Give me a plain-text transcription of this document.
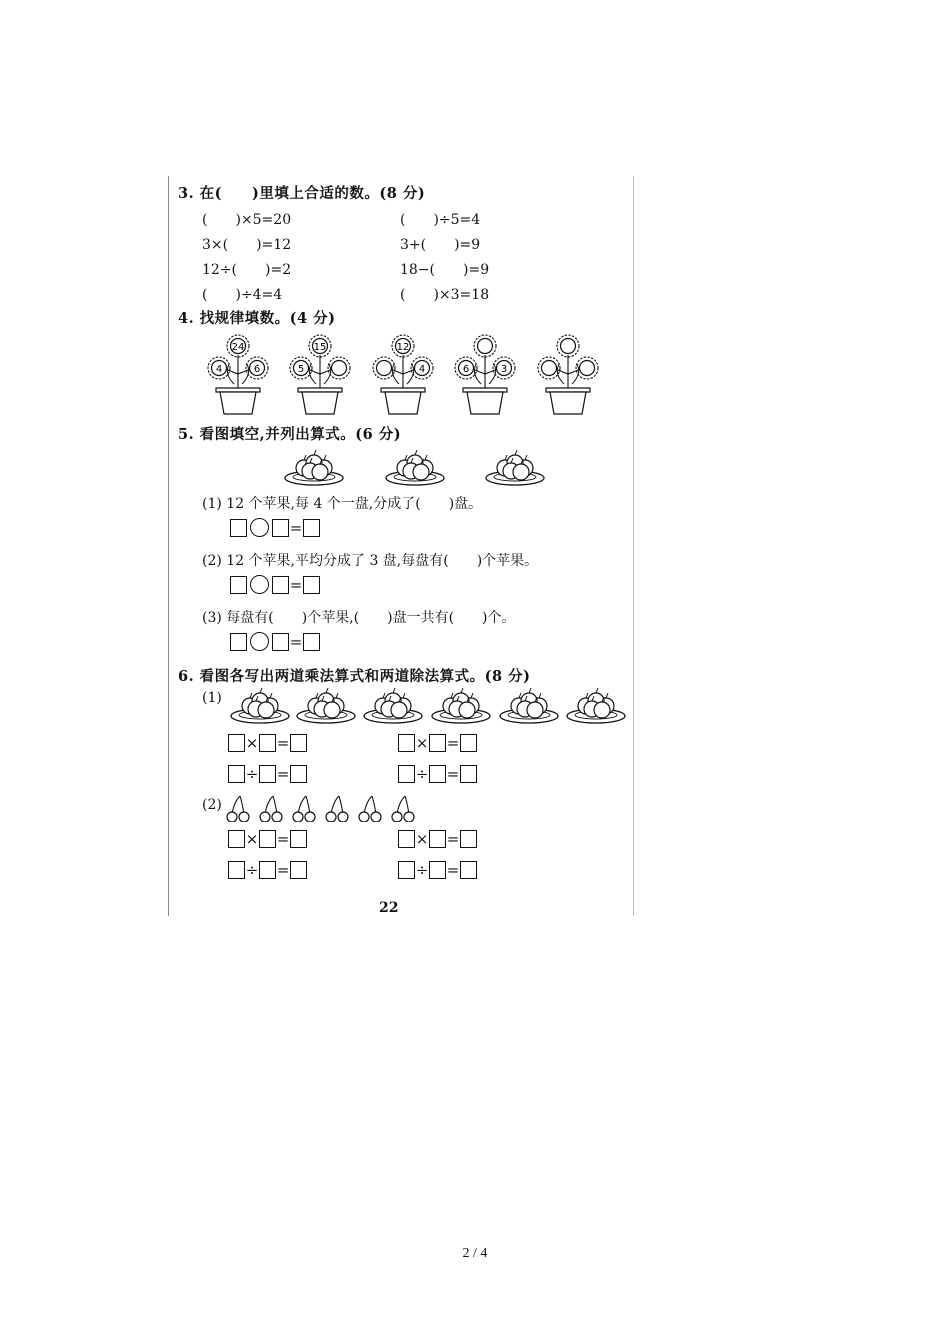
3. 在(　　)里填上合适的数。(8 分)
(　　)×5=20	(　　)÷5=4
3×(　　)=12	3+(　　)=9
12÷(　　)=2	18−(　　)=9
(　　)÷4=4	(　　)×3=18
4. 找规律填数。(4 分)
24
4	6
15
5
12
4	6	3
5. 看图填空,并列出算式。(6 分)
(1) 12 个苹果,每 4 个一盘,分成了(　　)盘。
=
(2) 12 个苹果,平均分成了 3 盘,每盘有(　　)个苹果。
=
(3) 每盘有(　　)个苹果,(　　)盘一共有(　　)个。
=
6. 看图各写出两道乘法算式和两道除法算式。(8 分)
(1)
× =	× =
÷ =	÷ =
(2)
× =	× =
÷ =	÷ =
22
2 / 4
